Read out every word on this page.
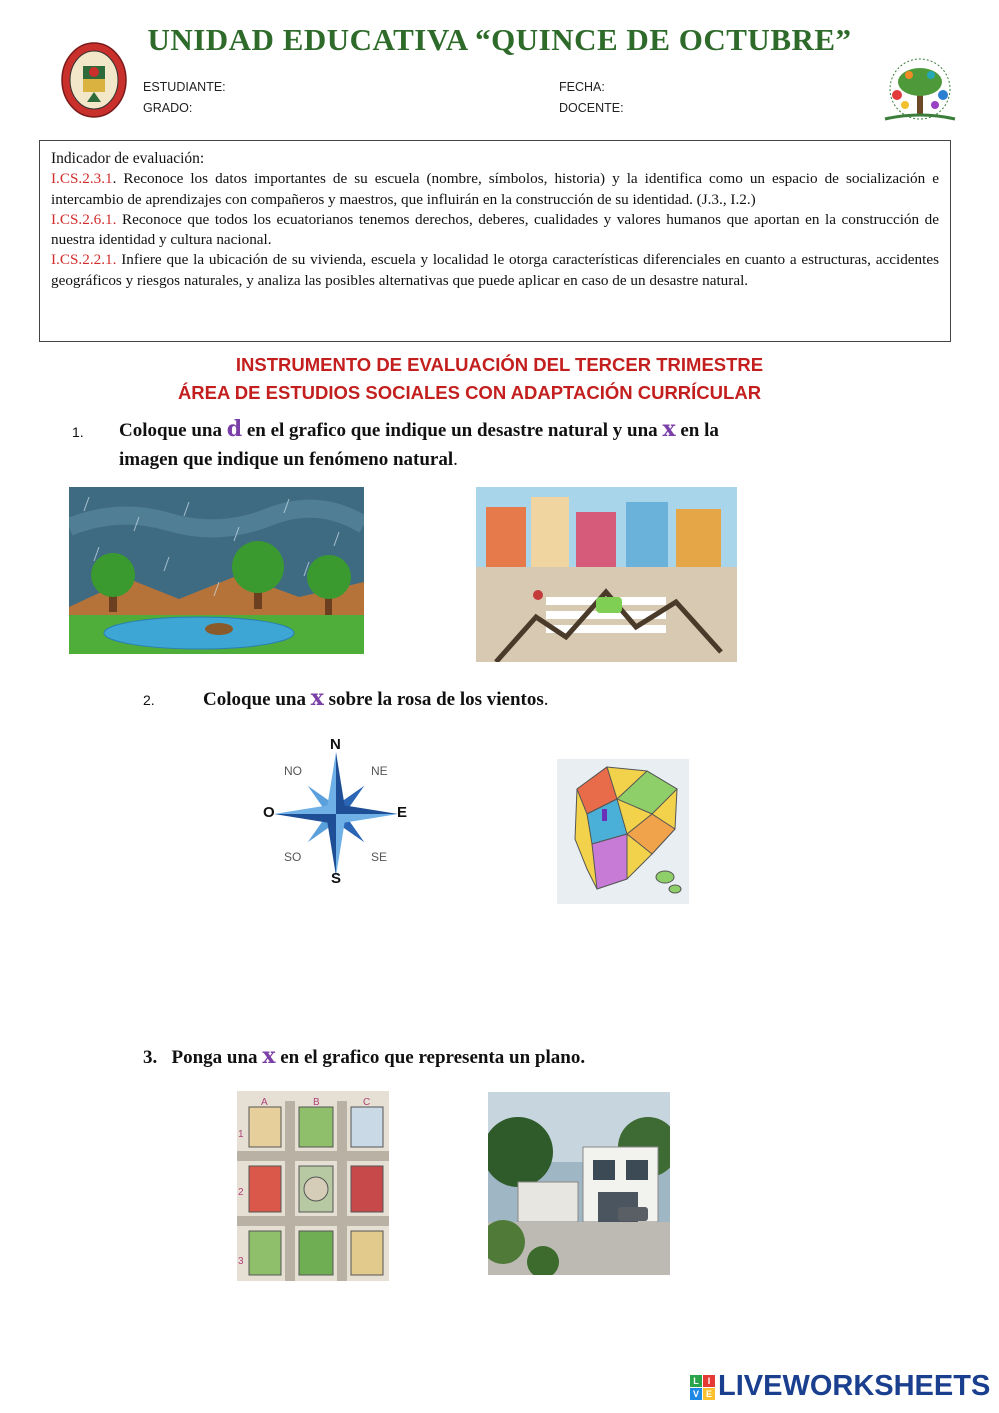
UNIDAD EDUCATIVA “QUINCE DE OCTUBRE”
ESTUDIANTE:	FECHA:
GRADO:	DOCENTE:
Indicador de evaluación:
I.CS.2.3.1. Reconoce los datos importantes de su escuela (nombre, símbolos, historia) y la identifica como un espacio de socialización e intercambio de aprendizajes con compañeros y maestros, que influirán en la construcción de su identidad. (J.3., I.2.)
I.CS.2.6.1. Reconoce que todos los ecuatorianos tenemos derechos, deberes, cualidades y valores humanos que aportan en la construcción de nuestra identidad y cultura nacional.
I.CS.2.2.1. Infiere que la ubicación de su vivienda, escuela y localidad le otorga características diferenciales en cuanto a estructuras, accidentes geográficos y riesgos naturales, y analiza las posibles alternativas que puede aplicar en caso de un desastre natural.
INSTRUMENTO DE EVALUACIÓN DEL TERCER TRIMESTRE
ÁREA DE ESTUDIOS SOCIALES CON ADAPTACIÓN CURRÍCULAR
1. Coloque una d en el grafico que indique un desastre natural y una x en la
imagen que indique un fenómeno natural.
2.	Coloque una x sobre la rosa de los vientos.
N
S
E
O
NE
NO
SE
SO
3. Ponga una x en el grafico que representa un plano.
A	B	C
1
2
3
L I
V E LIVEWORKSHEETS
